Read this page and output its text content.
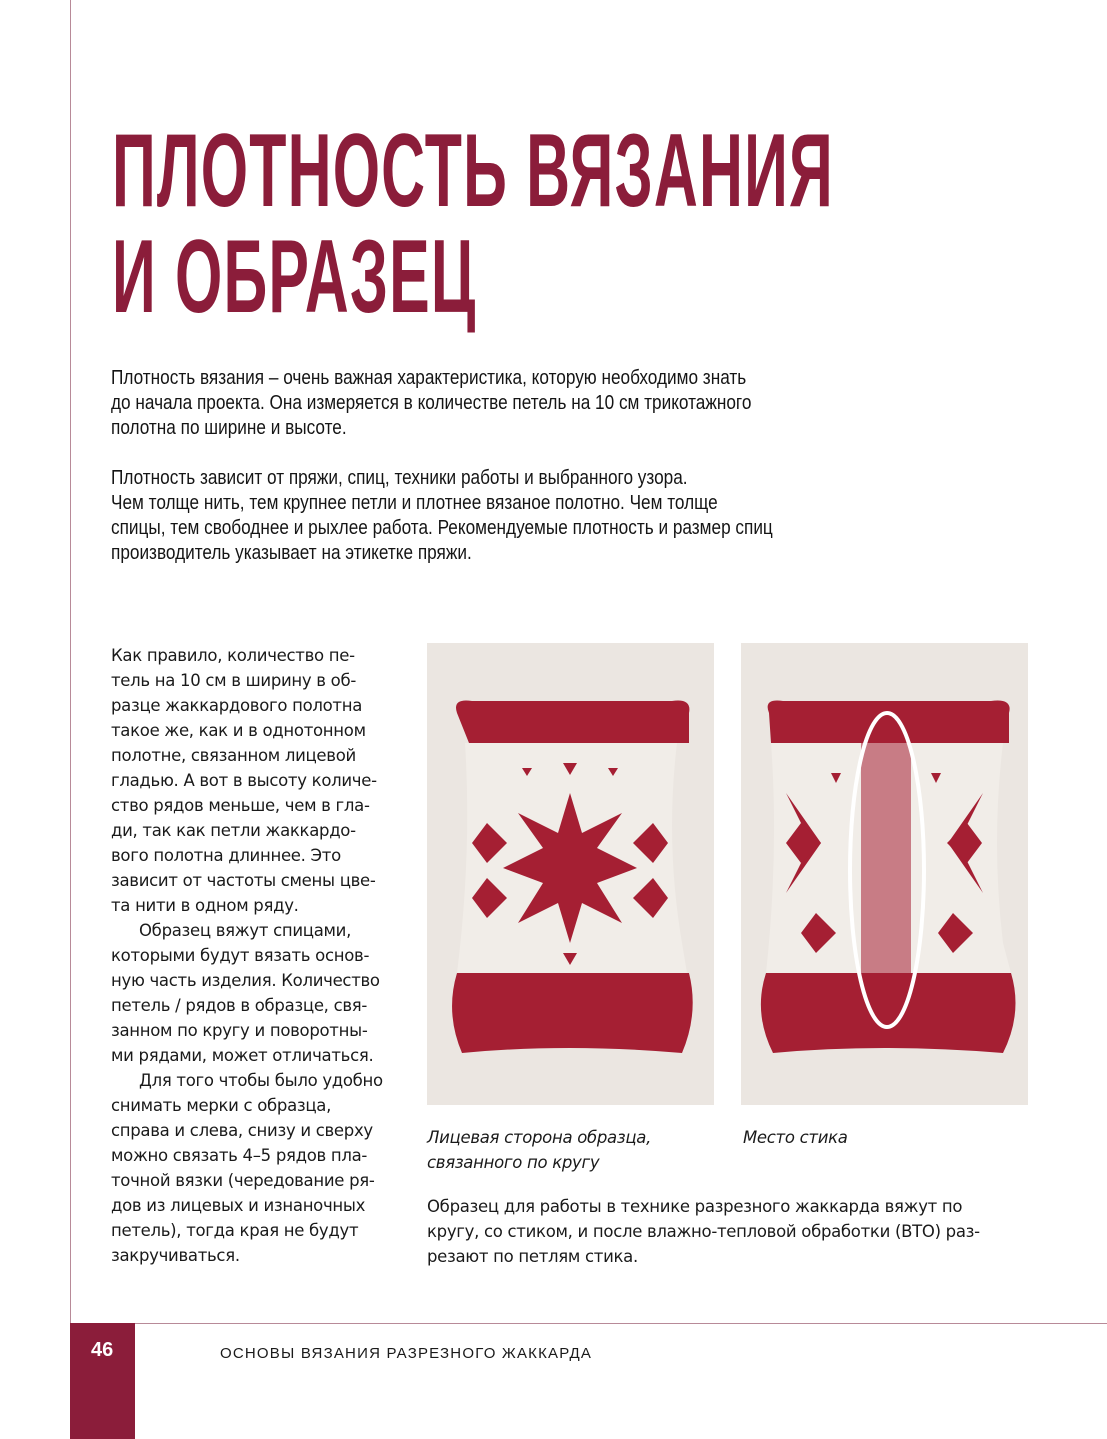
ПЛОТНОСТЬ ВЯЗАНИЯ
И ОБРАЗЕЦ
Плотность вязания – очень важная характеристика, которую необходимо знать
до начала проекта. Она измеряется в количестве петель на 10 см трикотажного
полотна по ширине и высоте.
Плотность зависит от пряжи, спиц, техники работы и выбранного узора.
Чем толще нить, тем крупнее петли и плотнее вязаное полотно. Чем толще
спицы, тем свободнее и рыхлее работа. Рекомендуемые плотность и размер спиц
производитель указывает на этикетке пряжи.
Как правило, количество пе-
тель на 10 см в ширину в об-
разце жаккардового полотна
такое же, как и в однотонном
полотне, связанном лицевой
гладью. А вот в высоту количе-
ство рядов меньше, чем в гла-
ди, так как петли жаккардо-
вого полотна длиннее. Это
зависит от частоты смены цве-
та нити в одном ряду.
Образец вяжут спицами,
которыми будут вязать основ-
ную часть изделия. Количество
петель / рядов в образце, свя-
занном по кругу и поворотны-
ми рядами, может отличаться.
Для того чтобы было удобно
снимать мерки с образца,
справа и слева, снизу и сверху
можно связать 4–5 рядов пла-
точной вязки (чередование ря-
дов из лицевых и изнаночных
петель), тогда края не будут
закручиваться.
Лицевая сторона образца,
связанного по кругу
Место стика
Образец для работы в технике разрезного жаккарда вяжут по
кругу, со стиком, и после влажно-тепловой обработки (ВТО) раз-
резают по петлям стика.
46	ОСНОВЫ ВЯЗАНИЯ РАЗРЕЗНОГО ЖАККАРДА
